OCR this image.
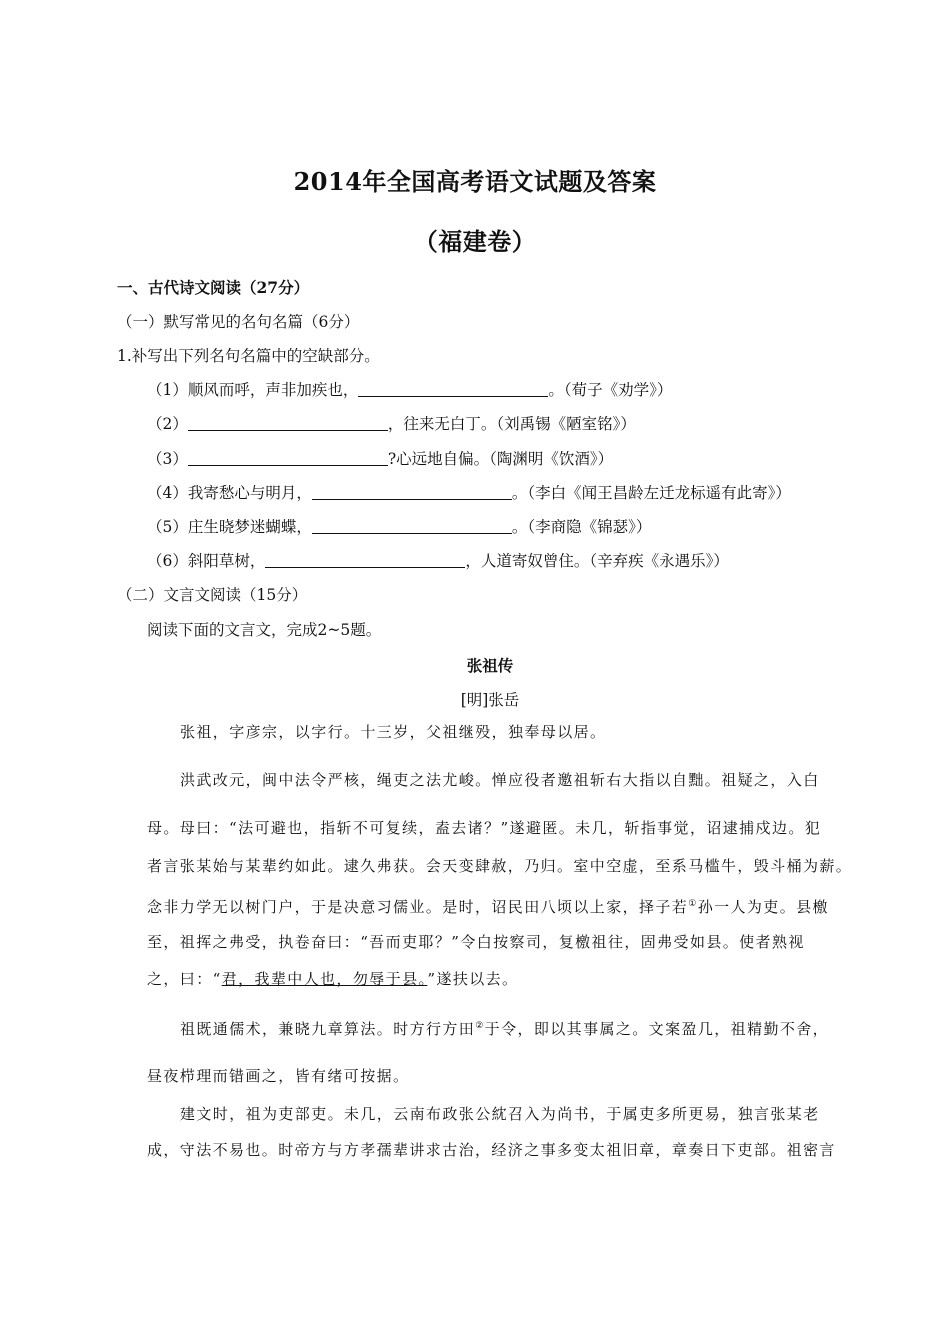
2014年全国高考语文试题及答案
（福建卷）
一、古代诗文阅读（27分）
（一）默写常见的名句名篇（6分）
1.补写出下列名句名篇中的空缺部分。
（1）顺风而呼，声非加疾也，	。（荀子《劝学》）
（2）	，往来无白丁。（刘禹锡《陋室铭》）
（3）	?心远地自偏。（陶渊明《饮酒》）
（4）我寄愁心与明月，	。（李白《闻王昌龄左迁龙标遥有此寄》）
（5）庄生晓梦迷蝴蝶，	。（李商隐《锦瑟》）
（6）斜阳草树，	，人道寄奴曾住。（辛弃疾《永遇乐》）
（二）文言文阅读（15分）
阅读下面的文言文，完成2~5题。
张祖传
[明]张岳
张祖，字彦宗，以字行。十三岁，父祖继殁，独奉母以居。
洪武改元，闽中法令严核，绳吏之法尤峻。惮应役者邀祖斩右大指以自黜。祖疑之，入白
母。母曰：“法可避也，指斩不可复续，盍去诸？”遂避匿。未几，斩指事觉，诏逮捕戍边。犯
者言张某始与某辈约如此。逮久弗获。会天变肆赦，乃归。室中空虚，至系马槛牛，毁斗桶为薪。
念非力学无以树门户，于是决意习儒业。是时，诏民田八顷以上家，择子若①孙一人为吏。县檄
至，祖挥之弗受，执卷奋曰：“吾而吏耶？”令白按察司，复檄祖往，固弗受如县。使者熟视
之，曰：“君，我辈中人也，勿辱于县。”遂扶以去。
祖既通儒术，兼晓九章算法。时方行方田②于令，即以其事属之。文案盈几，祖精勤不舍，
昼夜栉理而错画之，皆有绪可按据。
建文时，祖为吏部吏。未几，云南布政张公紞召入为尚书，于属吏多所更易，独言张某老
成，守法不易也。时帝方与方孝孺辈讲求古治，经济之事多变太祖旧章，章奏日下吏部。祖密言
